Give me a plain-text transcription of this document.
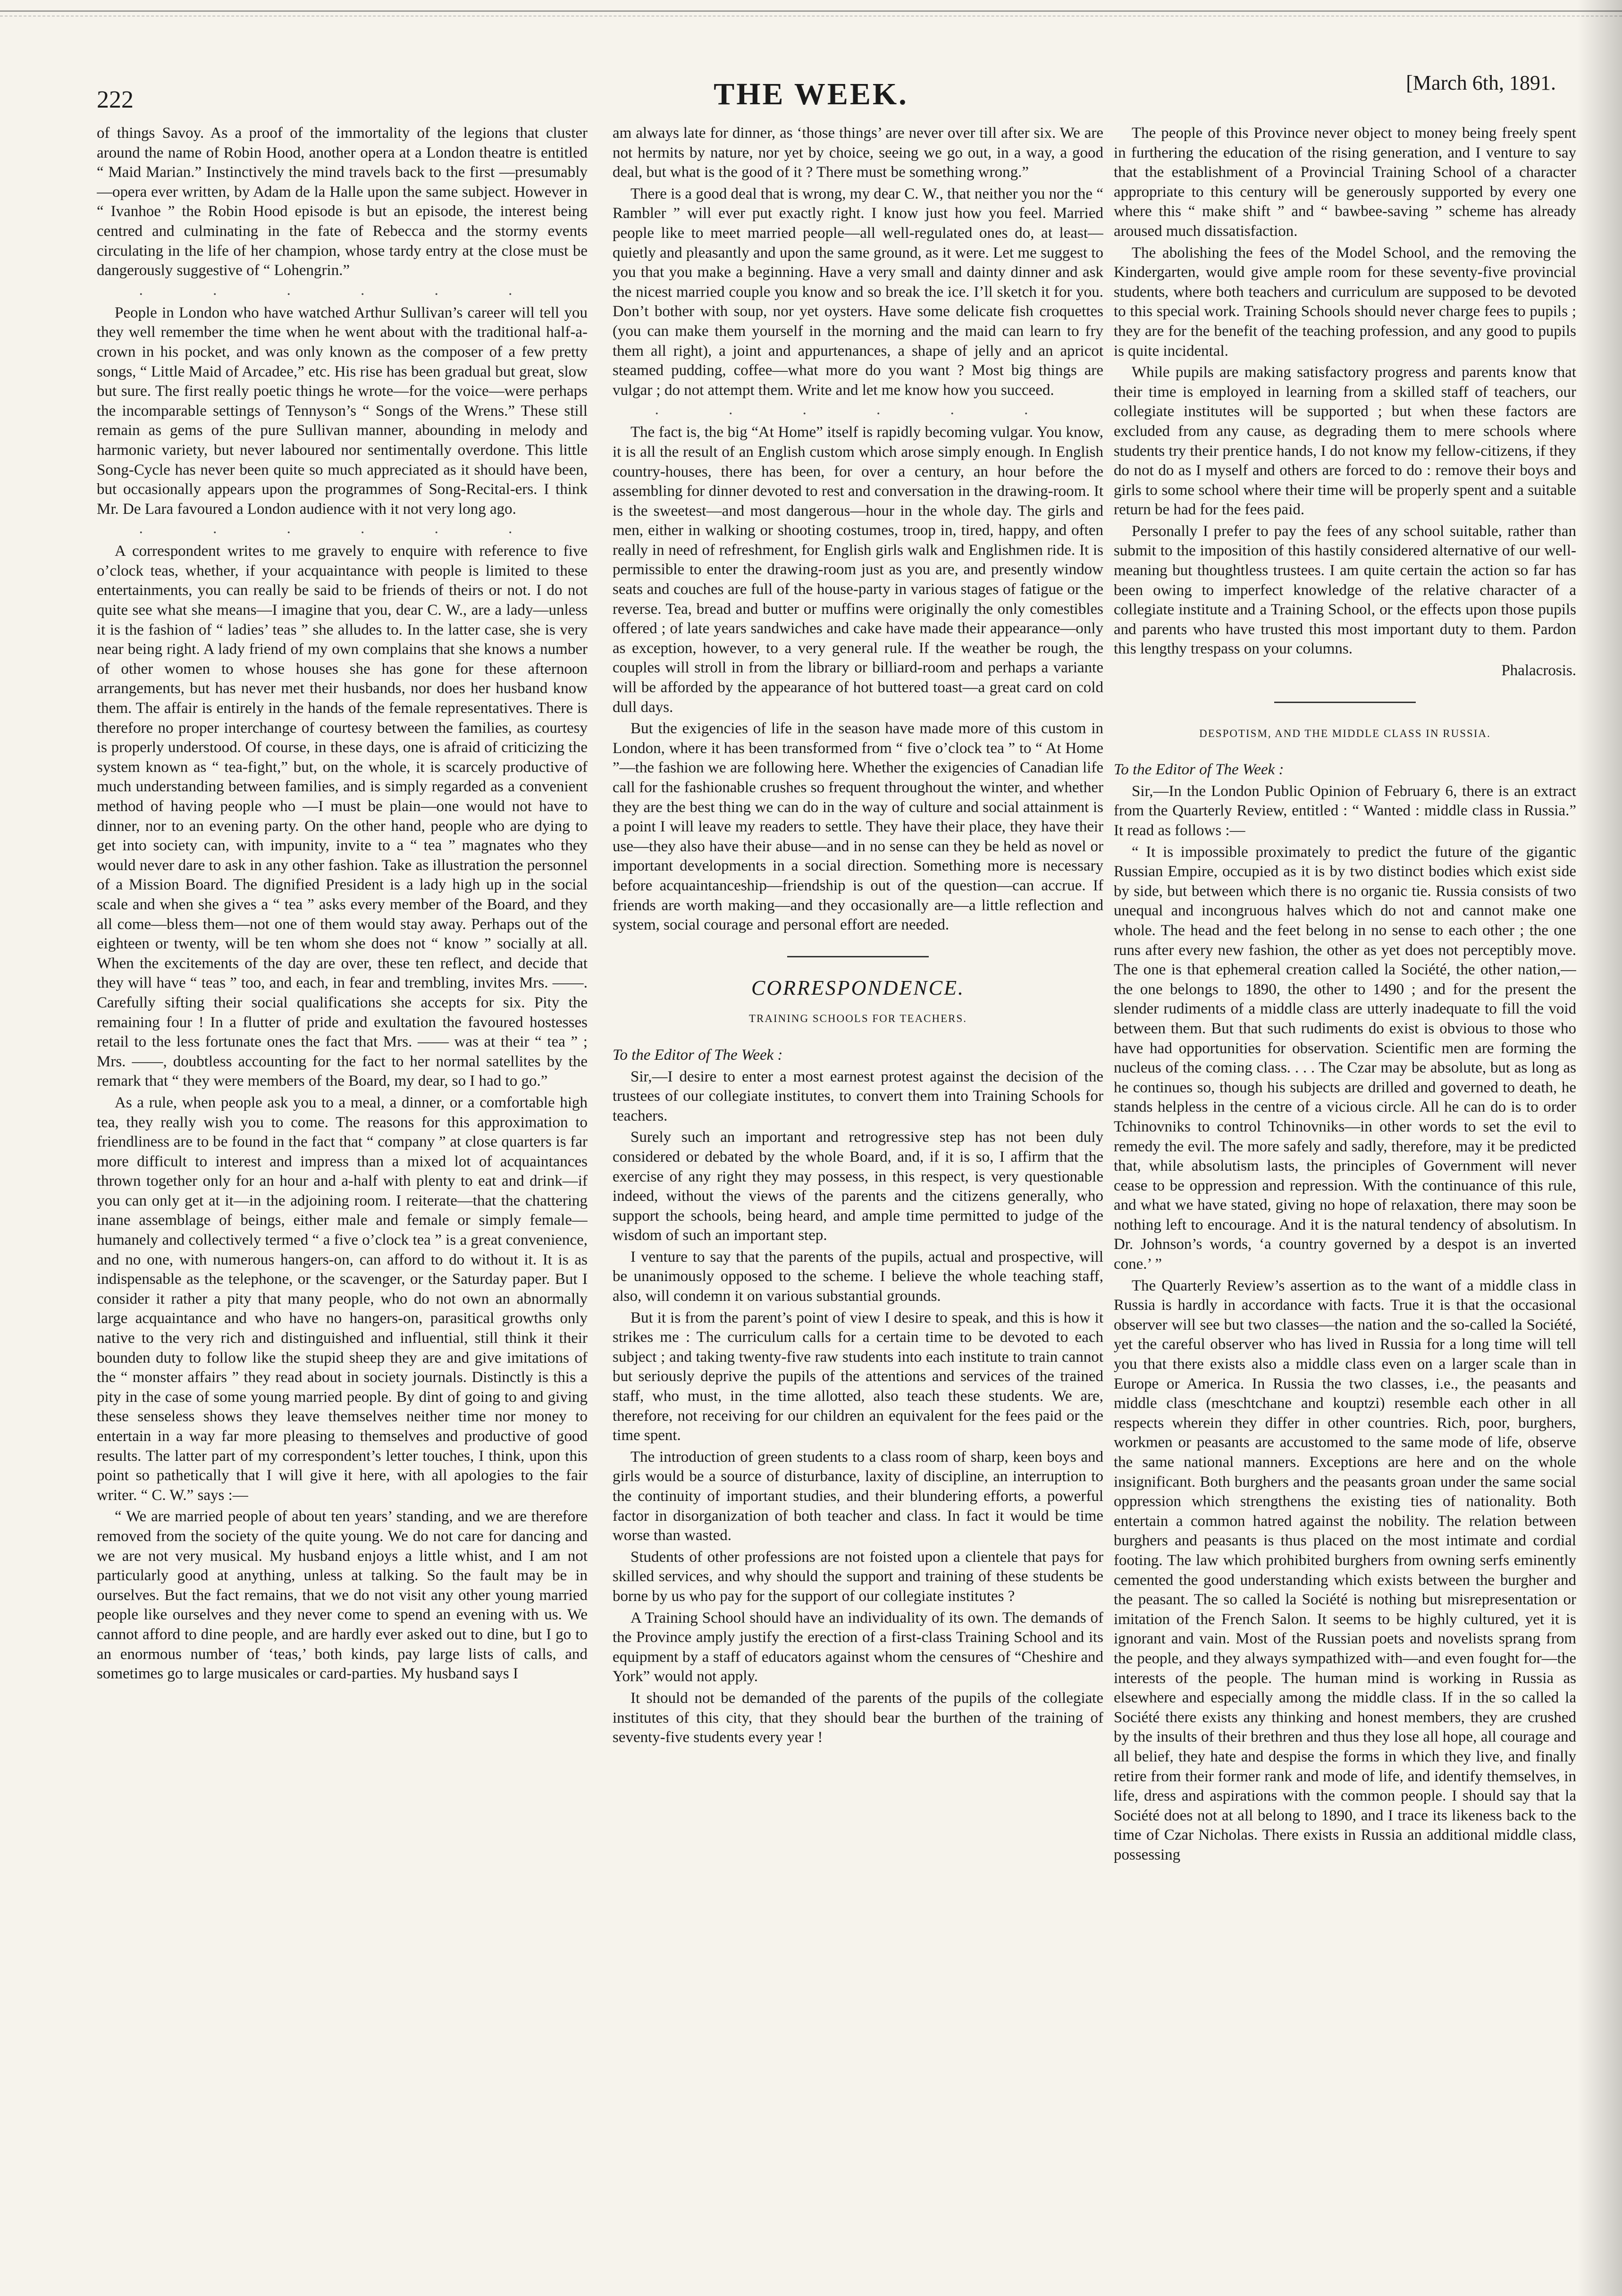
222	THE WEEK.	[March 6th, 1891.

of things Savoy. As a proof of the immortality of the legions that cluster around the name of Robin Hood, another opera at a London theatre is entitled “ Maid Marian.” Instinctively the mind travels back to the first —presumably—opera ever written, by Adam de la Halle upon the same subject. However in “ Ivanhoe ” the Robin Hood episode is but an episode, the interest being centred and culminating in the fate of Rebecca and the stormy events circulating in the life of her champion, whose tardy entry at the close must be dangerously suggestive of “ Lohengrin.”

. . . . . .

People in London who have watched Arthur Sullivan’s career will tell you they well remember the time when he went about with the traditional half-a-crown in his pocket, and was only known as the composer of a few pretty songs, “ Little Maid of Arcadee,” etc. His rise has been gradual but great, slow but sure. The first really poetic things he wrote—for the voice—were perhaps the incomparable settings of Tennyson’s “ Songs of the Wrens.” These still remain as gems of the pure Sullivan manner, abounding in melody and harmonic variety, but never laboured nor sentimentally overdone. This little Song-Cycle has never been quite so much appreciated as it should have been, but occasionally appears upon the programmes of Song-Recital-ers. I think Mr. De Lara favoured a London audience with it not very long ago.

. . . . . .

A correspondent writes to me gravely to enquire with reference to five o’clock teas, whether, if your acquaintance with people is limited to these entertainments, you can really be said to be friends of theirs or not. I do not quite see what she means—I imagine that you, dear C. W., are a lady—unless it is the fashion of “ ladies’ teas ” she alludes to. In the latter case, she is very near being right. A lady friend of my own complains that she knows a number of other women to whose houses she has gone for these afternoon arrangements, but has never met their husbands, nor does her husband know them. The affair is entirely in the hands of the female representatives. There is therefore no proper interchange of courtesy between the families, as courtesy is properly understood. Of course, in these days, one is afraid of criticizing the system known as “ tea-fight,” but, on the whole, it is scarcely productive of much understanding between families, and is simply regarded as a convenient method of having people who —I must be plain—one would not have to dinner, nor to an evening party. On the other hand, people who are dying to get into society can, with impunity, invite to a “ tea ” magnates who they would never dare to ask in any other fashion. Take as illustration the personnel of a Mission Board. The dignified President is a lady high up in the social scale and when she gives a “ tea ” asks every member of the Board, and they all come—bless them—not one of them would stay away. Perhaps out of the eighteen or twenty, will be ten whom she does not “ know ” socially at all. When the excitements of the day are over, these ten reflect, and decide that they will have “ teas ” too, and each, in fear and trembling, invites Mrs. ——. Carefully sifting their social qualifications she accepts for six. Pity the remaining four ! In a flutter of pride and exultation the favoured hostesses retail to the less fortunate ones the fact that Mrs. —— was at their “ tea ” ; Mrs. ——, doubtless accounting for the fact to her normal satellites by the remark that “ they were members of the Board, my dear, so I had to go.”

As a rule, when people ask you to a meal, a dinner, or a comfortable high tea, they really wish you to come. The reasons for this approximation to friendliness are to be found in the fact that “ company ” at close quarters is far more difficult to interest and impress than a mixed lot of acquaintances thrown together only for an hour and a-half with plenty to eat and drink—if you can only get at it—in the adjoining room. I reiterate—that the chattering inane assemblage of beings, either male and female or simply female—humanely and collectively termed “ a five o’clock tea ” is a great convenience, and no one, with numerous hangers-on, can afford to do without it. It is as indispensable as the telephone, or the scavenger, or the Saturday paper. But I consider it rather a pity that many people, who do not own an abnormally large acquaintance and who have no hangers-on, parasitical growths only native to the very rich and distinguished and influential, still think it their bounden duty to follow like the stupid sheep they are and give imitations of the “ monster affairs ” they read about in society journals. Distinctly is this a pity in the case of some young married people. By dint of going to and giving these senseless shows they leave themselves neither time nor money to entertain in a way far more pleasing to themselves and productive of good results. The latter part of my correspondent’s letter touches, I think, upon this point so pathetically that I will give it here, with all apologies to the fair writer. “ C. W.” says :—

“ We are married people of about ten years’ standing, and we are therefore removed from the society of the quite young. We do not care for dancing and we are not very musical. My husband enjoys a little whist, and I am not particularly good at anything, unless at talking. So the fault may be in ourselves. But the fact remains, that we do not visit any other young married people like ourselves and they never come to spend an evening with us. We cannot afford to dine people, and are hardly ever asked out to dine, but I go to an enormous number of ‘teas,’ both kinds, pay large lists of calls, and sometimes go to large musicales or card-parties. My husband says I

am always late for dinner, as ‘those things’ are never over till after six. We are not hermits by nature, nor yet by choice, seeing we go out, in a way, a good deal, but what is the good of it ? There must be something wrong.”

There is a good deal that is wrong, my dear C. W., that neither you nor the “ Rambler ” will ever put exactly right. I know just how you feel. Married people like to meet married people—all well-regulated ones do, at least—quietly and pleasantly and upon the same ground, as it were. Let me suggest to you that you make a beginning. Have a very small and dainty dinner and ask the nicest married couple you know and so break the ice. I’ll sketch it for you. Don’t bother with soup, nor yet oysters. Have some delicate fish croquettes (you can make them yourself in the morning and the maid can learn to fry them all right), a joint and appurtenances, a shape of jelly and an apricot steamed pudding, coffee—what more do you want ? Most big things are vulgar ; do not attempt them. Write and let me know how you succeed.

. . . . . .

The fact is, the big “At Home” itself is rapidly becoming vulgar. You know, it is all the result of an English custom which arose simply enough. In English country-houses, there has been, for over a century, an hour before the assembling for dinner devoted to rest and conversation in the drawing-room. It is the sweetest—and most dangerous—hour in the whole day. The girls and men, either in walking or shooting costumes, troop in, tired, happy, and often really in need of refreshment, for English girls walk and Englishmen ride. It is permissible to enter the drawing-room just as you are, and presently window seats and couches are full of the house-party in various stages of fatigue or the reverse. Tea, bread and butter or muffins were originally the only comestibles offered ; of late years sandwiches and cake have made their appearance—only as exception, however, to a very general rule. If the weather be rough, the couples will stroll in from the library or billiard-room and perhaps a variante will be afforded by the appearance of hot buttered toast—a great card on cold dull days.

But the exigencies of life in the season have made more of this custom in London, where it has been transformed from “ five o’clock tea ” to “ At Home ”—the fashion we are following here. Whether the exigencies of Canadian life call for the fashionable crushes so frequent throughout the winter, and whether they are the best thing we can do in the way of culture and social attainment is a point I will leave my readers to settle. They have their place, they have their use—they also have their abuse—and in no sense can they be held as novel or important developments in a social direction. Something more is necessary before acquaintanceship—friendship is out of the question—can accrue. If friends are worth making—and they occasionally are—a little reflection and system, social courage and personal effort are needed.

CORRESPONDENCE.
TRAINING SCHOOLS FOR TEACHERS.

To the Editor of The Week :

Sir,—I desire to enter a most earnest protest against the decision of the trustees of our collegiate institutes, to convert them into Training Schools for teachers.

Surely such an important and retrogressive step has not been duly considered or debated by the whole Board, and, if it is so, I affirm that the exercise of any right they may possess, in this respect, is very questionable indeed, without the views of the parents and the citizens generally, who support the schools, being heard, and ample time permitted to judge of the wisdom of such an important step.

I venture to say that the parents of the pupils, actual and prospective, will be unanimously opposed to the scheme. I believe the whole teaching staff, also, will condemn it on various substantial grounds.

But it is from the parent’s point of view I desire to speak, and this is how it strikes me : The curriculum calls for a certain time to be devoted to each subject ; and taking twenty-five raw students into each institute to train cannot but seriously deprive the pupils of the attentions and services of the trained staff, who must, in the time allotted, also teach these students. We are, therefore, not receiving for our children an equivalent for the fees paid or the time spent.

The introduction of green students to a class room of sharp, keen boys and girls would be a source of disturbance, laxity of discipline, an interruption to the continuity of important studies, and their blundering efforts, a powerful factor in disorganization of both teacher and class. In fact it would be time worse than wasted.

Students of other professions are not foisted upon a clientele that pays for skilled services, and why should the support and training of these students be borne by us who pay for the support of our collegiate institutes ?

A Training School should have an individuality of its own. The demands of the Province amply justify the erection of a first-class Training School and its equipment by a staff of educators against whom the censures of “Cheshire and York” would not apply.

It should not be demanded of the parents of the pupils of the collegiate institutes of this city, that they should bear the burthen of the training of seventy-five students every year !

The people of this Province never object to money being freely spent in furthering the education of the rising generation, and I venture to say that the establishment of a Provincial Training School of a character appropriate to this century will be generously supported by every one where this “ make shift ” and “ bawbee-saving ” scheme has already aroused much dissatisfaction.

The abolishing the fees of the Model School, and the removing the Kindergarten, would give ample room for these seventy-five provincial students, where both teachers and curriculum are supposed to be devoted to this special work. Training Schools should never charge fees to pupils ; they are for the benefit of the teaching profession, and any good to pupils is quite incidental.

While pupils are making satisfactory progress and parents know that their time is employed in learning from a skilled staff of teachers, our collegiate institutes will be supported ; but when these factors are excluded from any cause, as degrading them to mere schools where students try their prentice hands, I do not know my fellow-citizens, if they do not do as I myself and others are forced to do : remove their boys and girls to some school where their time will be properly spent and a suitable return be had for the fees paid.

Personally I prefer to pay the fees of any school suitable, rather than submit to the imposition of this hastily considered alternative of our well-meaning but thoughtless trustees. I am quite certain the action so far has been owing to imperfect knowledge of the relative character of a collegiate institute and a Training School, or the effects upon those pupils and parents who have trusted this most important duty to them. Pardon this lengthy trespass on your columns.

Phalacrosis.

DESPOTISM, AND THE MIDDLE CLASS IN RUSSIA.

To the Editor of The Week :

Sir,—In the London Public Opinion of February 6, there is an extract from the Quarterly Review, entitled : “ Wanted : middle class in Russia.” It read as follows :—

“ It is impossible proximately to predict the future of the gigantic Russian Empire, occupied as it is by two distinct bodies which exist side by side, but between which there is no organic tie. Russia consists of two unequal and incongruous halves which do not and cannot make one whole. The head and the feet belong in no sense to each other ; the one runs after every new fashion, the other as yet does not perceptibly move. The one is that ephemeral creation called la Société, the other nation,—the one belongs to 1890, the other to 1490 ; and for the present the slender rudiments of a middle class are utterly inadequate to fill the void between them. But that such rudiments do exist is obvious to those who have had opportunities for observation. Scientific men are forming the nucleus of the coming class. . . . The Czar may be absolute, but as long as he continues so, though his subjects are drilled and governed to death, he stands helpless in the centre of a vicious circle. All he can do is to order Tchinovniks to control Tchinovniks—in other words to set the evil to remedy the evil. The more safely and sadly, therefore, may it be predicted that, while absolutism lasts, the principles of Government will never cease to be oppression and repression. With the continuance of this rule, and what we have stated, giving no hope of relaxation, there may soon be nothing left to encourage. And it is the natural tendency of absolutism. In Dr. Johnson’s words, ‘a country governed by a despot is an inverted cone.’ ”

The Quarterly Review’s assertion as to the want of a middle class in Russia is hardly in accordance with facts. True it is that the occasional observer will see but two classes—the nation and the so-called la Société, yet the careful observer who has lived in Russia for a long time will tell you that there exists also a middle class even on a larger scale than in Europe or America. In Russia the two classes, i.e., the peasants and middle class (meschtchane and kouptzi) resemble each other in all respects wherein they differ in other countries. Rich, poor, burghers, workmen or peasants are accustomed to the same mode of life, observe the same national manners. Exceptions are here and on the whole insignificant. Both burghers and the peasants groan under the same social oppression which strengthens the existing ties of nationality. Both entertain a common hatred against the nobility. The relation between burghers and peasants is thus placed on the most intimate and cordial footing. The law which prohibited burghers from owning serfs eminently cemented the good understanding which exists between the burgher and the peasant. The so called la Société is nothing but misrepresentation or imitation of the French Salon. It seems to be highly cultured, yet it is ignorant and vain. Most of the Russian poets and novelists sprang from the people, and they always sympathized with—and even fought for—the interests of the people. The human mind is working in Russia as elsewhere and especially among the middle class. If in the so called la Société there exists any thinking and honest members, they are crushed by the insults of their brethren and thus they lose all hope, all courage and all belief, they hate and despise the forms in which they live, and finally retire from their former rank and mode of life, and identify themselves, in life, dress and aspirations with the common people. I should say that la Société does not at all belong to 1890, and I trace its likeness back to the time of Czar Nicholas. There exists in Russia an additional middle class, possessing
